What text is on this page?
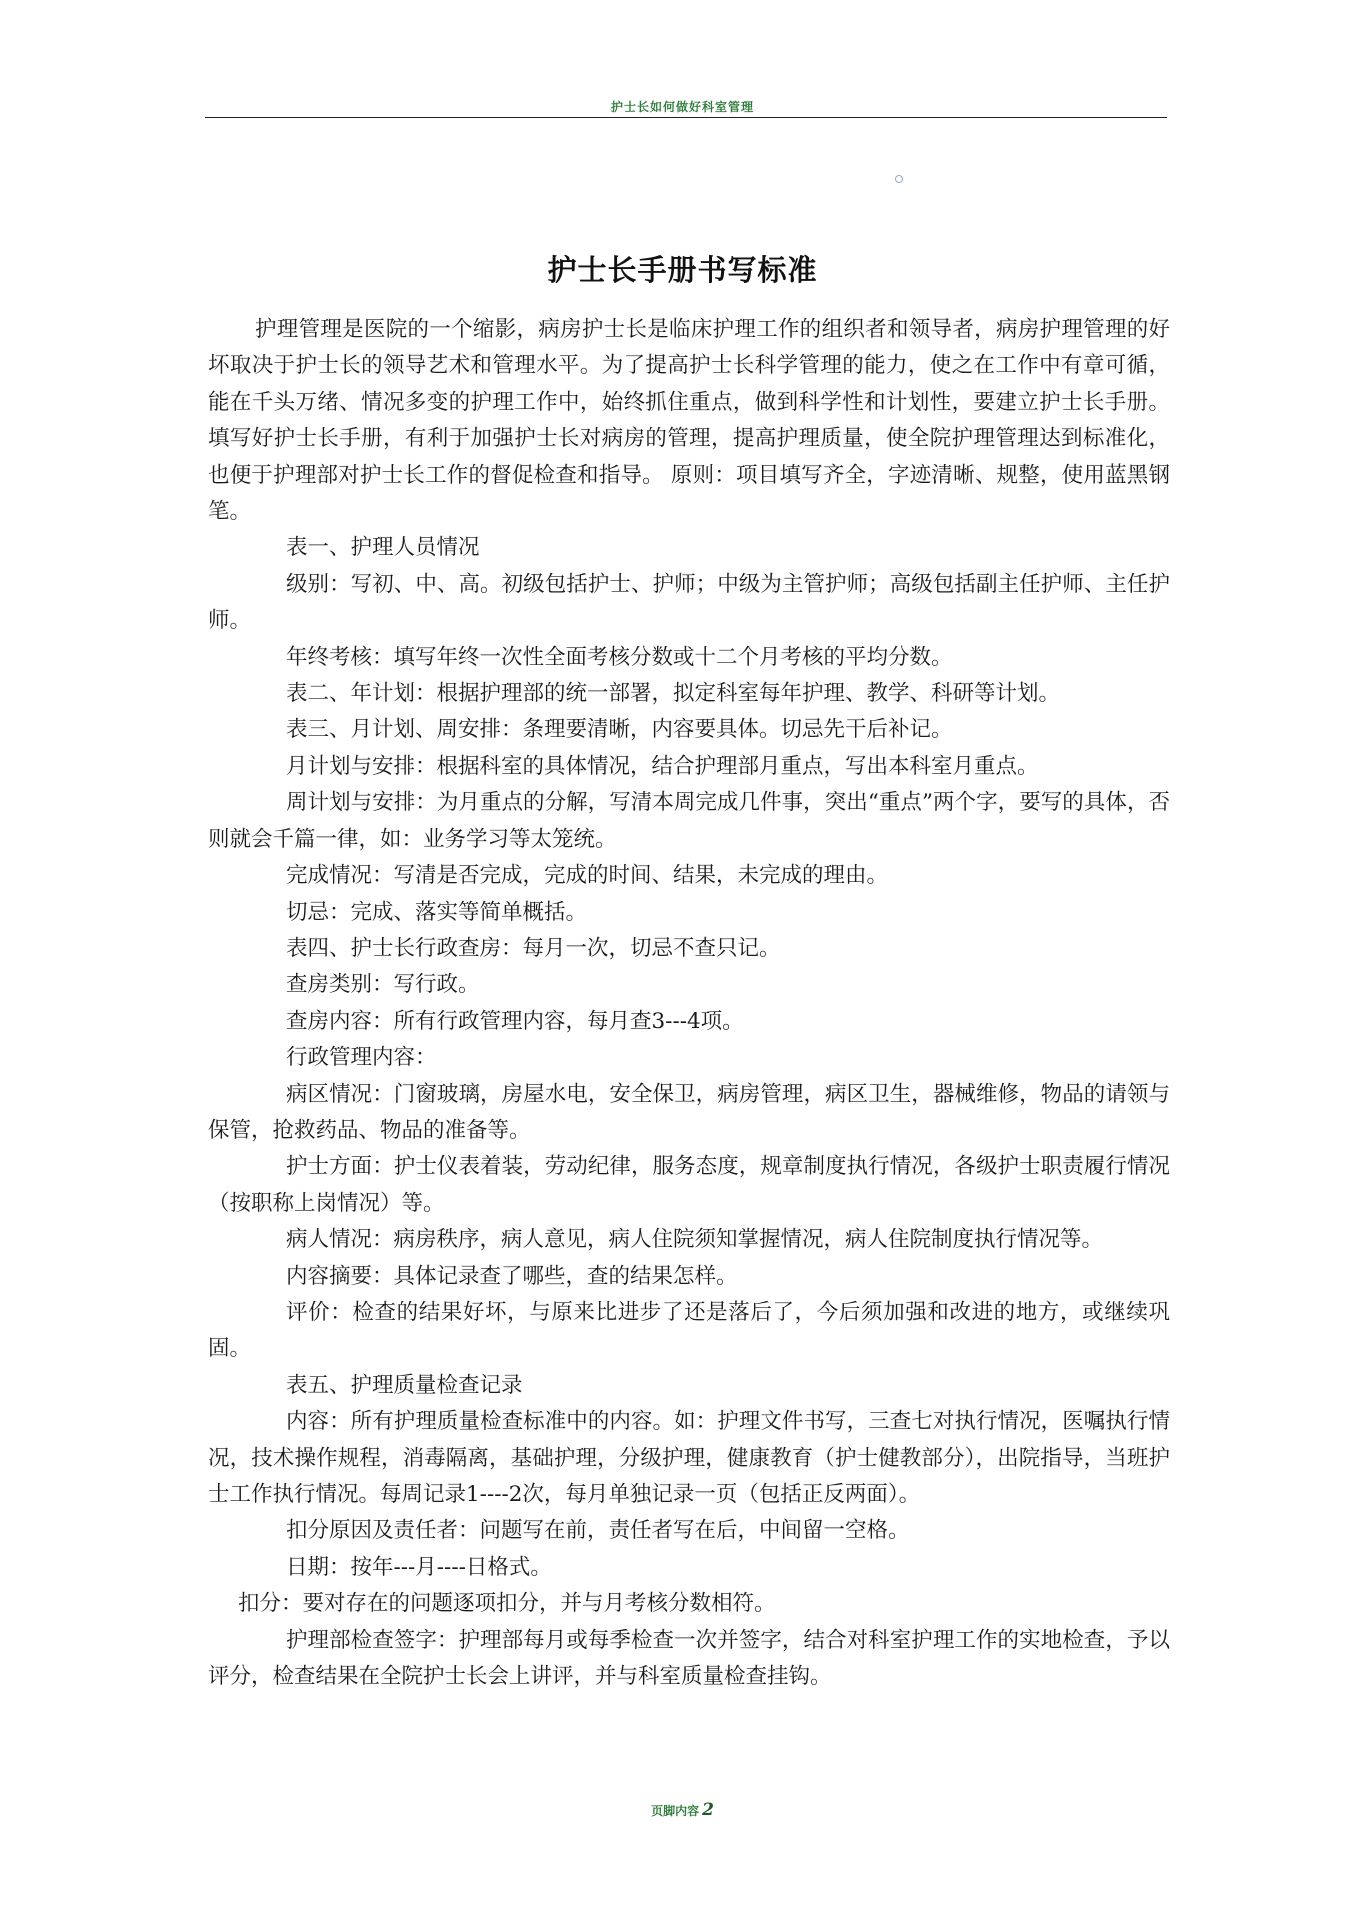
护士长如何做好科室管理
护士长手册书写标准

护理管理是医院的一个缩影，病房护士长是临床护理工作的组织者和领导者，病房护理管理的好坏取决于护士长的领导艺术和管理水平。为了提高护士长科学管理的能力，使之在工作中有章可循，能在千头万绪、情况多变的护理工作中，始终抓住重点，做到科学性和计划性，要建立护士长手册。填写好护士长手册，有利于加强护士长对病房的管理，提高护理质量，使全院护理管理达到标准化，也便于护理部对护士长工作的督促检查和指导。 原则：项目填写齐全，字迹清晰、规整，使用蓝黑钢笔。

表一、护理人员情况

级别：写初、中、高。初级包括护士、护师；中级为主管护师；高级包括副主任护师、主任护师。

年终考核：填写年终一次性全面考核分数或十二个月考核的平均分数。

表二、年计划：根据护理部的统一部署，拟定科室每年护理、教学、科研等计划。

表三、月计划、周安排：条理要清晰，内容要具体。切忌先干后补记。

月计划与安排：根据科室的具体情况，结合护理部月重点，写出本科室月重点。

周计划与安排：为月重点的分解，写清本周完成几件事，突出“重点”两个字，要写的具体，否则就会千篇一律，如：业务学习等太笼统。

完成情况：写清是否完成，完成的时间、结果，未完成的理由。

切忌：完成、落实等简单概括。

表四、护士长行政查房：每月一次，切忌不查只记。

查房类别：写行政。

查房内容：所有行政管理内容，每月查3---4项。

行政管理内容：

病区情况：门窗玻璃，房屋水电，安全保卫，病房管理，病区卫生，器械维修，物品的请领与保管，抢救药品、物品的准备等。

护士方面：护士仪表着装，劳动纪律，服务态度，规章制度执行情况，各级护士职责履行情况（按职称上岗情况）等。

病人情况：病房秩序，病人意见，病人住院须知掌握情况，病人住院制度执行情况等。

内容摘要：具体记录查了哪些，查的结果怎样。

评价：检查的结果好坏，与原来比进步了还是落后了，今后须加强和改进的地方，或继续巩固。

表五、护理质量检查记录

内容：所有护理质量检查标准中的内容。如：护理文件书写，三查七对执行情况，医嘱执行情况，技术操作规程，消毒隔离，基础护理，分级护理，健康教育（护士健教部分），出院指导，当班护士工作执行情况。每周记录1----2次，每月单独记录一页（包括正反两面）。

扣分原因及责任者：问题写在前，责任者写在后，中间留一空格。

日期：按年---月----日格式。

扣分：要对存在的问题逐项扣分，并与月考核分数相符。

护理部检查签字：护理部每月或每季检查一次并签字，结合对科室护理工作的实地检查，予以评分，检查结果在全院护士长会上讲评，并与科室质量检查挂钩。

页脚内容 2
